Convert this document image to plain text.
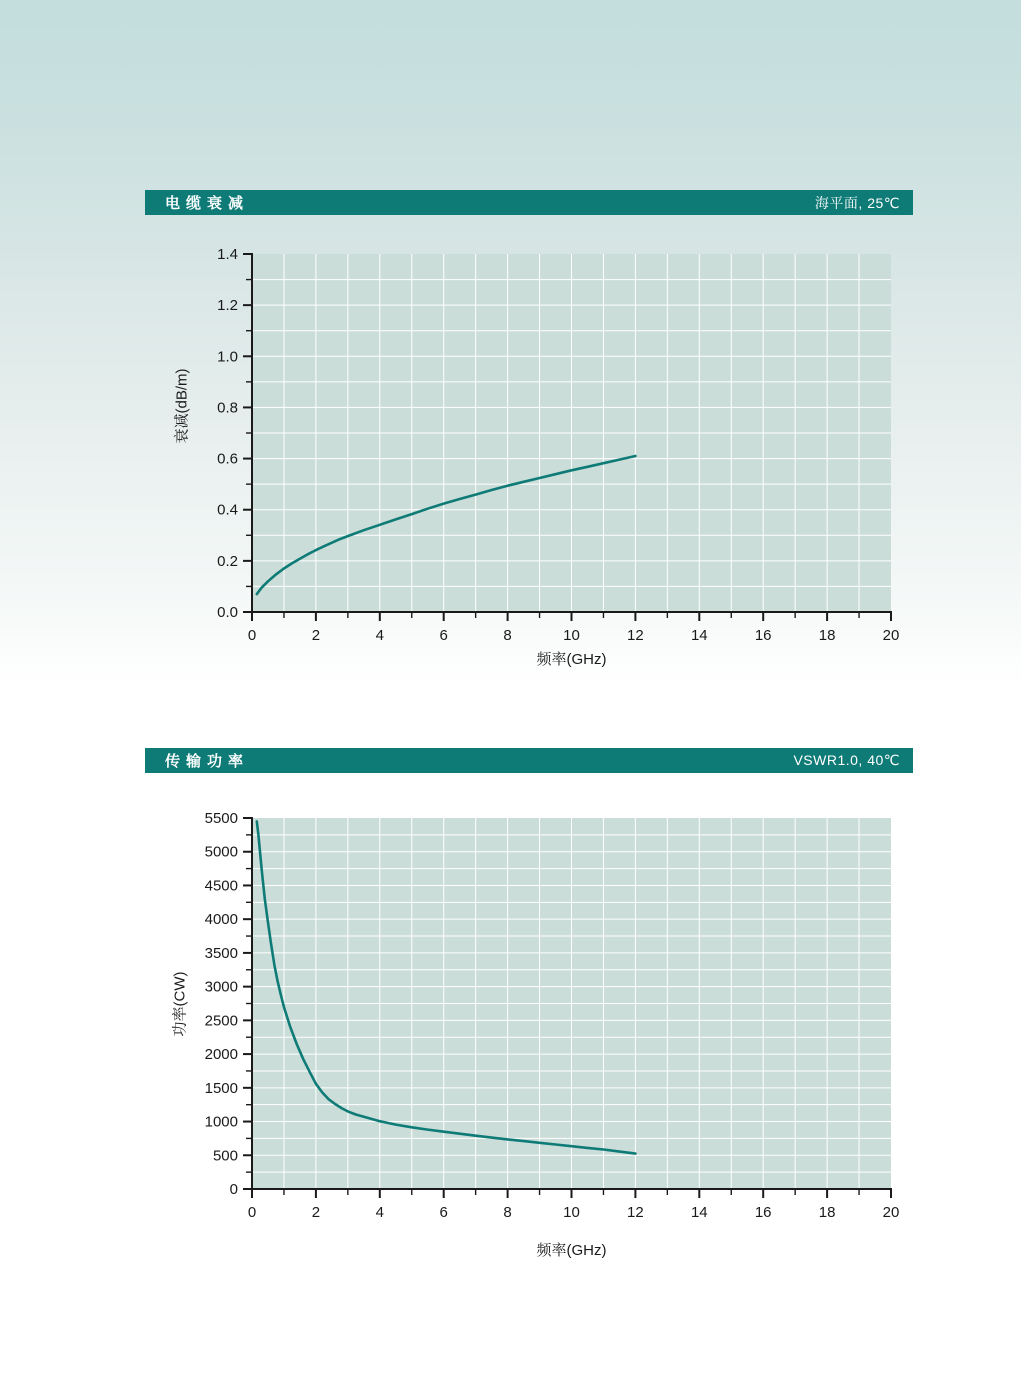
电缆衰减	海平面, 25℃
0.0
0.2
0.4
0.6
0.8
1.0
1.2
1.4
0	2	4	6	8	10	12	14	16	18	20
频率(GHz)
衰减(dB/m)
传输功率	VSWR1.0, 40℃
0
500
1000
1500
2000
2500
3000
3500
4000
4500
5000
5500
0	2	4	6	8	10	12	14	16	18	20
频率(GHz)
功率(CW)
